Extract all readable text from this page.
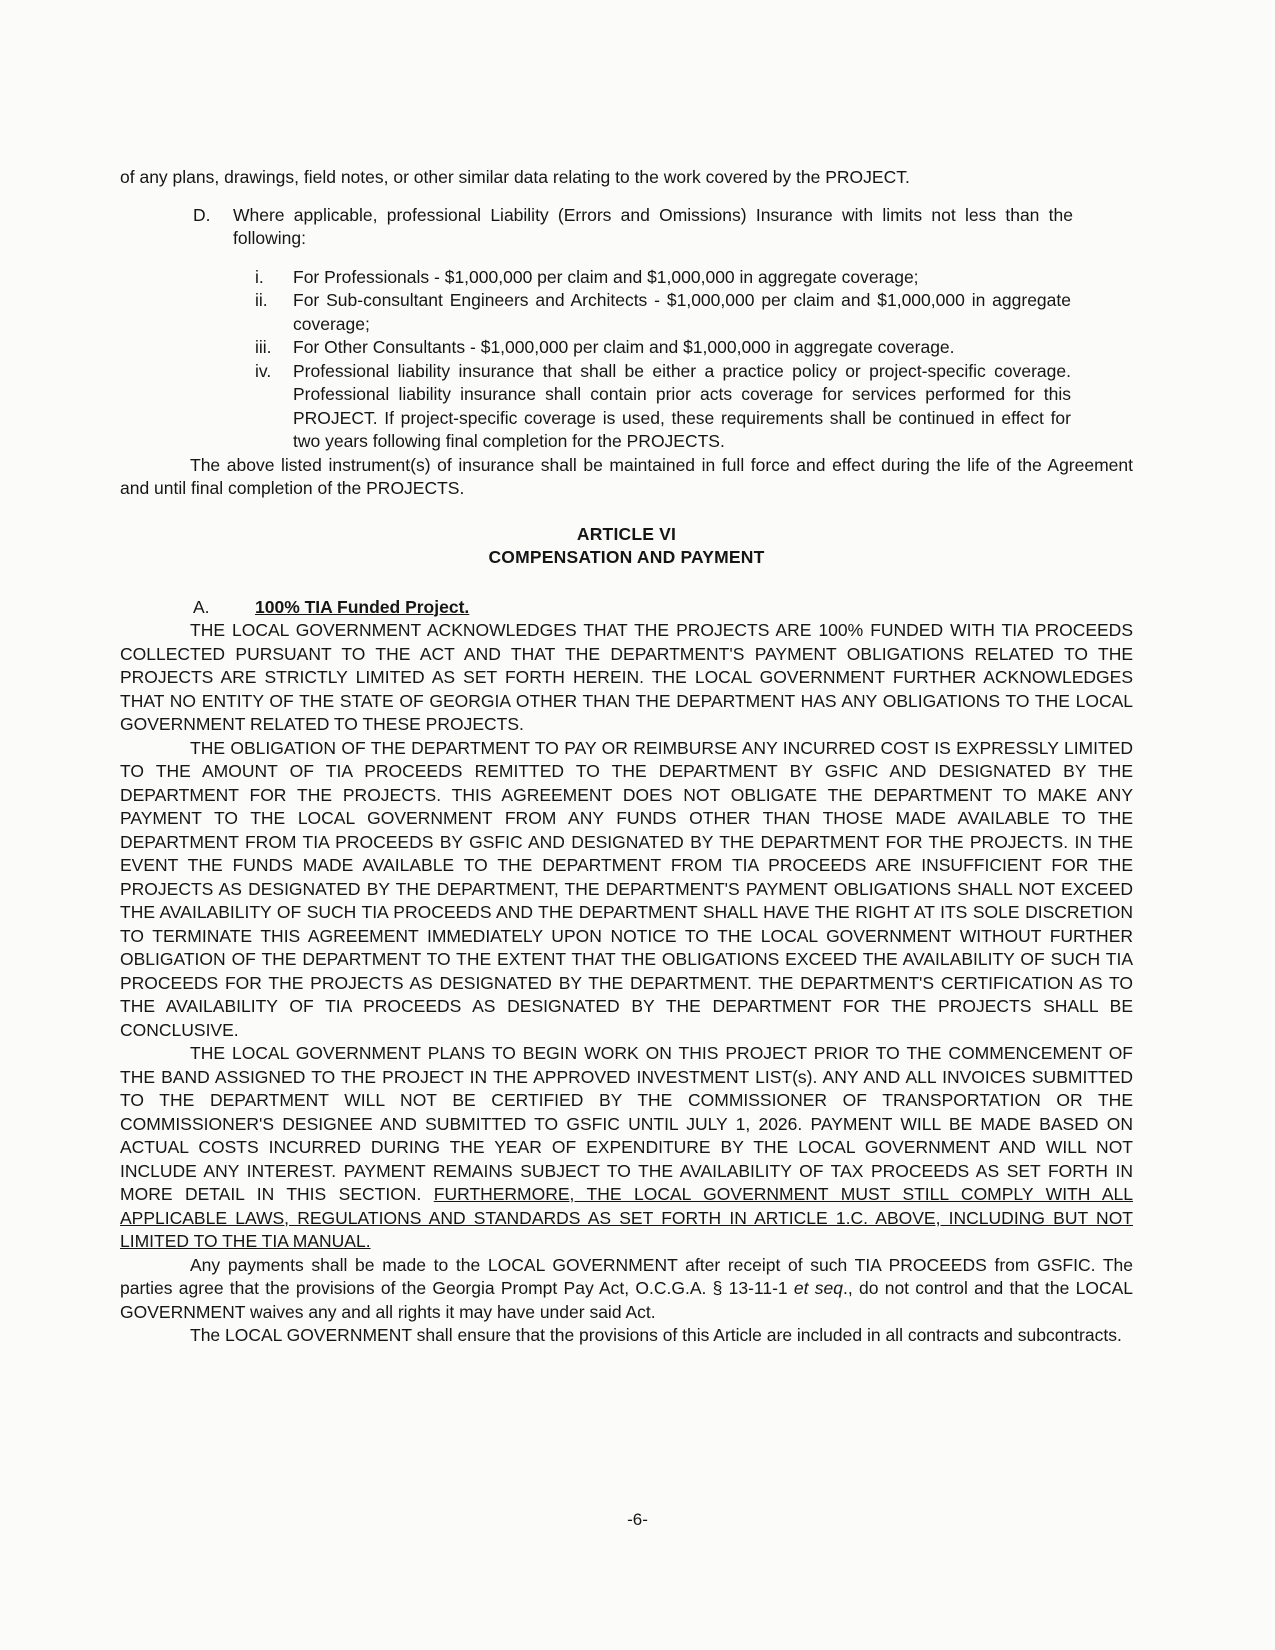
of any plans, drawings, field notes, or other similar data relating to the work covered by the PROJECT.

D.	Where applicable, professional Liability (Errors and Omissions) Insurance with limits not less than the following:
i.	For Professionals - $1,000,000 per claim and $1,000,000 in aggregate coverage;
ii.	For Sub-consultant Engineers and Architects - $1,000,000 per claim and $1,000,000 in aggregate coverage;
iii.	For Other Consultants - $1,000,000 per claim and $1,000,000 in aggregate coverage.
iv.	Professional liability insurance that shall be either a practice policy or project-specific coverage. Professional liability insurance shall contain prior acts coverage for services performed for this PROJECT. If project-specific coverage is used, these requirements shall be continued in effect for two years following final completion for the PROJECTS.

The above listed instrument(s) of insurance shall be maintained in full force and effect during the life of the Agreement and until final completion of the PROJECTS.

ARTICLE VI

COMPENSATION AND PAYMENT

A.	100% TIA Funded Project.

THE LOCAL GOVERNMENT ACKNOWLEDGES THAT THE PROJECTS ARE 100% FUNDED WITH TIA PROCEEDS COLLECTED PURSUANT TO THE ACT AND THAT THE DEPARTMENT'S PAYMENT OBLIGATIONS RELATED TO THE PROJECTS ARE STRICTLY LIMITED AS SET FORTH HEREIN. THE LOCAL GOVERNMENT FURTHER ACKNOWLEDGES THAT NO ENTITY OF THE STATE OF GEORGIA OTHER THAN THE DEPARTMENT HAS ANY OBLIGATIONS TO THE LOCAL GOVERNMENT RELATED TO THESE PROJECTS.

THE OBLIGATION OF THE DEPARTMENT TO PAY OR REIMBURSE ANY INCURRED COST IS EXPRESSLY LIMITED TO THE AMOUNT OF TIA PROCEEDS REMITTED TO THE DEPARTMENT BY GSFIC AND DESIGNATED BY THE DEPARTMENT FOR THE PROJECTS. THIS AGREEMENT DOES NOT OBLIGATE THE DEPARTMENT TO MAKE ANY PAYMENT TO THE LOCAL GOVERNMENT FROM ANY FUNDS OTHER THAN THOSE MADE AVAILABLE TO THE DEPARTMENT FROM TIA PROCEEDS BY GSFIC AND DESIGNATED BY THE DEPARTMENT FOR THE PROJECTS. IN THE EVENT THE FUNDS MADE AVAILABLE TO THE DEPARTMENT FROM TIA PROCEEDS ARE INSUFFICIENT FOR THE PROJECTS AS DESIGNATED BY THE DEPARTMENT, THE DEPARTMENT'S PAYMENT OBLIGATIONS SHALL NOT EXCEED THE AVAILABILITY OF SUCH TIA PROCEEDS AND THE DEPARTMENT SHALL HAVE THE RIGHT AT ITS SOLE DISCRETION TO TERMINATE THIS AGREEMENT IMMEDIATELY UPON NOTICE TO THE LOCAL GOVERNMENT WITHOUT FURTHER OBLIGATION OF THE DEPARTMENT TO THE EXTENT THAT THE OBLIGATIONS EXCEED THE AVAILABILITY OF SUCH TIA PROCEEDS FOR THE PROJECTS AS DESIGNATED BY THE DEPARTMENT. THE DEPARTMENT'S CERTIFICATION AS TO THE AVAILABILITY OF TIA PROCEEDS AS DESIGNATED BY THE DEPARTMENT FOR THE PROJECTS SHALL BE CONCLUSIVE.

THE LOCAL GOVERNMENT PLANS TO BEGIN WORK ON THIS PROJECT PRIOR TO THE COMMENCEMENT OF THE BAND ASSIGNED TO THE PROJECT IN THE APPROVED INVESTMENT LIST(s). ANY AND ALL INVOICES SUBMITTED TO THE DEPARTMENT WILL NOT BE CERTIFIED BY THE COMMISSIONER OF TRANSPORTATION OR THE COMMISSIONER'S DESIGNEE AND SUBMITTED TO GSFIC UNTIL JULY 1, 2026. PAYMENT WILL BE MADE BASED ON ACTUAL COSTS INCURRED DURING THE YEAR OF EXPENDITURE BY THE LOCAL GOVERNMENT AND WILL NOT INCLUDE ANY INTEREST. PAYMENT REMAINS SUBJECT TO THE AVAILABILITY OF TAX PROCEEDS AS SET FORTH IN MORE DETAIL IN THIS SECTION. FURTHERMORE, THE LOCAL GOVERNMENT MUST STILL COMPLY WITH ALL APPLICABLE LAWS, REGULATIONS AND STANDARDS AS SET FORTH IN ARTICLE 1.C. ABOVE, INCLUDING BUT NOT LIMITED TO THE TIA MANUAL.

Any payments shall be made to the LOCAL GOVERNMENT after receipt of such TIA PROCEEDS from GSFIC. The parties agree that the provisions of the Georgia Prompt Pay Act, O.C.G.A. § 13-11-1 et seq., do not control and that the LOCAL GOVERNMENT waives any and all rights it may have under said Act.

The LOCAL GOVERNMENT shall ensure that the provisions of this Article are included in all contracts and subcontracts.

-6-
